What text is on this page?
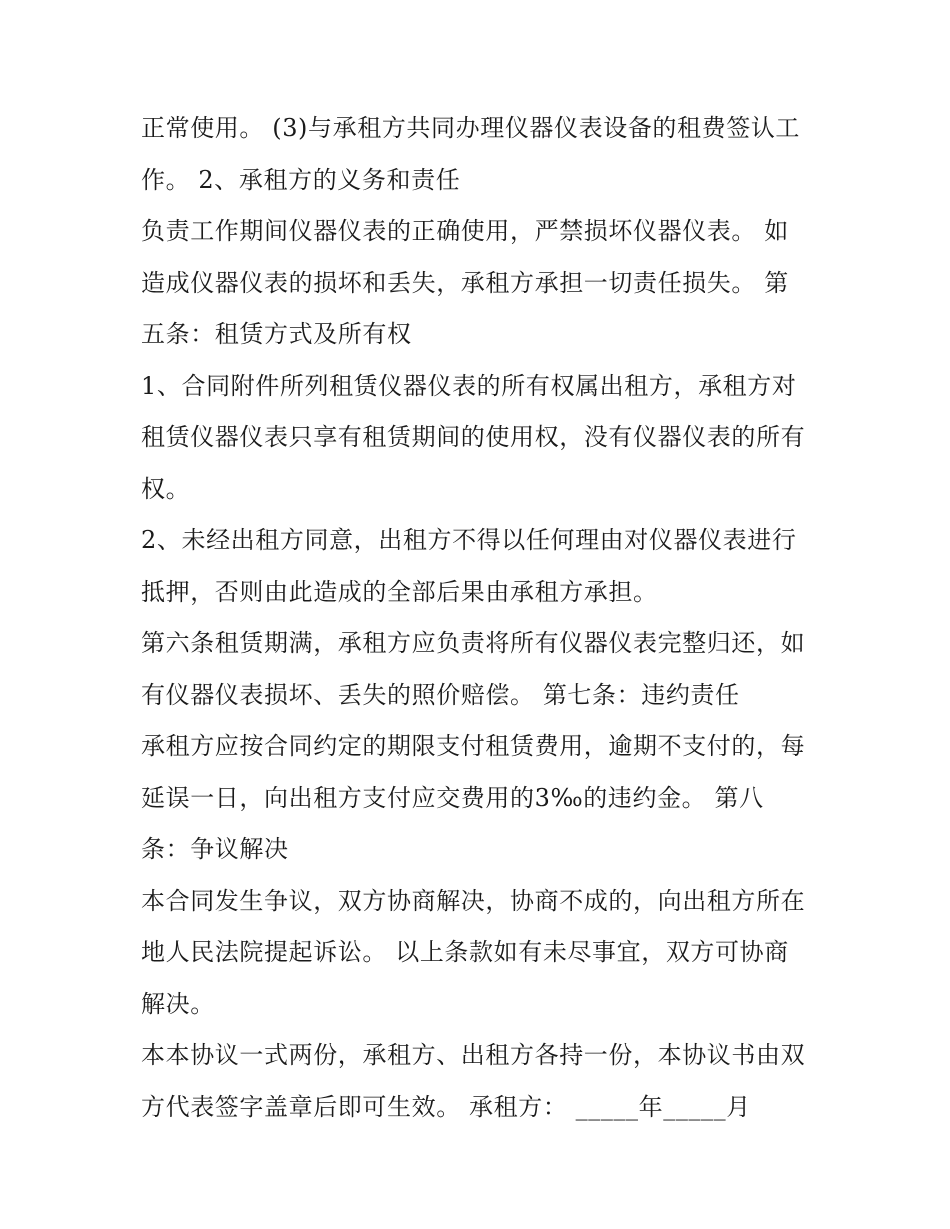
正常使用。 (3)与承租方共同办理仪器仪表设备的租费签认工
作。 2、承租方的义务和责任
负责工作期间仪器仪表的正确使用，严禁损坏仪器仪表。 如
造成仪器仪表的损坏和丢失，承租方承担一切责任损失。 第
五条：租赁方式及所有权
1、合同附件所列租赁仪器仪表的所有权属出租方，承租方对
租赁仪器仪表只享有租赁期间的使用权，没有仪器仪表的所有
权。
2、未经出租方同意，出租方不得以任何理由对仪器仪表进行
抵押，否则由此造成的全部后果由承租方承担。
第六条租赁期满，承租方应负责将所有仪器仪表完整归还，如
有仪器仪表损坏、丢失的照价赔偿。 第七条：违约责任
承租方应按合同约定的期限支付租赁费用，逾期不支付的，每
延误一日，向出租方支付应交费用的3‰的违约金。 第八
条：争议解决
本合同发生争议，双方协商解决，协商不成的，向出租方所在
地人民法院提起诉讼。 以上条款如有未尽事宜，双方可协商
解决。
本本协议一式两份，承租方、出租方各持一份，本协议书由双
方代表签字盖章后即可生效。 承租方： _____年_____月
